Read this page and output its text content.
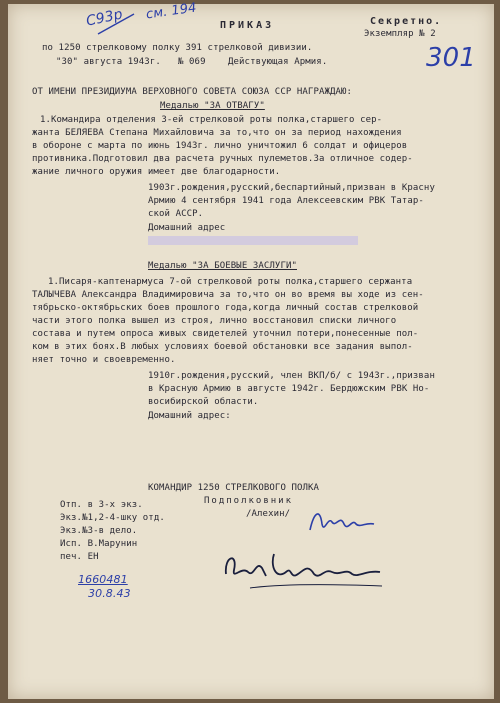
С93р см. 194	Секретно.
Экземпляр № 2
301
ПРИКАЗ
по 1250 стрелковому полку 391 стрелковой дивизии.
"30" августа 1943г. № 069 Действующая Армия.
ОТ ИМЕНИ ПРЕЗИДИУМА ВЕРХОВНОГО СОВЕТА СОЮЗА ССР НАГРАЖДАЮ:
Медалью "ЗА ОТВАГУ"
1.Командира отделения 3-ей стрелковой роты полка,старшего сер-
жанта БЕЛЯЕВА Степана Михайловича за то,что он за период нахождения
в обороне с марта по июнь 1943г. лично уничтожил 6 солдат и офицеров
противника.Подготовил два расчета ручных пулеметов.За отличное содер-
жание личного оружия имеет две благодарности.
1903г.рождения,русский,беспартийный,призван в Красну
Армию 4 сентября 1941 года Алексеевским РВК Татар-
ской АССР.
Домашний адрес
Медалью "ЗА БОЕВЫЕ ЗАСЛУГИ"
1.Писаря-каптенармуса 7-ой стрелковой роты полка,старшего сержанта
ТАЛЫЧЕВА Александра Владимировича за то,что он во время вы ходе из сен-
тябрьско-октябрьских боев прошлого года,когда личный состав стрелковой
части этого полка вышел из строя, лично восстановил списки личного
состава и путем опроса живых свидетелей уточнил потери,понесенные пол-
ком в этих боях.В любых условиях боевой обстановки все задания выпол-
няет точно и своевременно.
1910г.рождения,русский, член ВКП/б/ с 1943г.,призван
в Красную Армию в августе 1942г. Бердюжским РВК Но-
восибирской области.
Домашний адрес:
КОМАНДИР 1250 СТРЕЛКОВОГО ПОЛКА
Подполковник
/Алехин/
Отп. в 3-х экз.
Экз.№1,2-4-шку отд.
Экз.№3-в дело.
Исп. В.Марунин
печ. ЕН
1660481
30.8.43
